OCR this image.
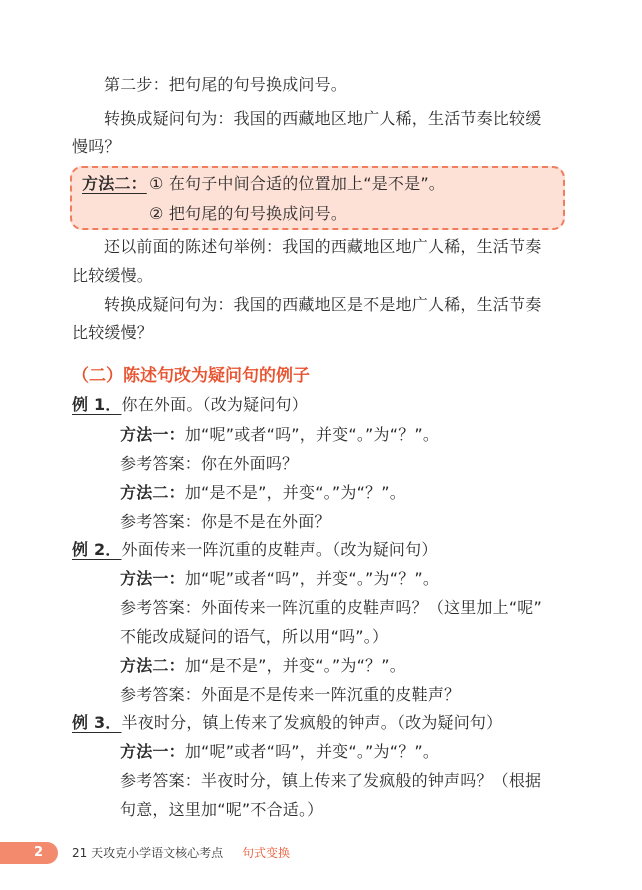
第二步：把句尾的句号换成问号。
转换成疑问句为：我国的西藏地区地广人稀，生活节奏比较缓
慢吗？
方法二： ① 在句子中间合适的位置加上“是不是”。
② 把句尾的句号换成问号。
还以前面的陈述句举例：我国的西藏地区地广人稀，生活节奏
比较缓慢。
转换成疑问句为：我国的西藏地区是不是地广人稀，生活节奏
比较缓慢？
（二）陈述句改为疑问句的例子
例 1．你在外面。（改为疑问句）
方法一：加“呢”或者“吗”，并变“。”为“？”。
参考答案：你在外面吗？
方法二：加“是不是”，并变“。”为“？”。
参考答案：你是不是在外面？
例 2．外面传来一阵沉重的皮鞋声。（改为疑问句）
方法一：加“呢”或者“吗”，并变“。”为“？”。
参考答案：外面传来一阵沉重的皮鞋声吗？（这里加上“呢”
不能改成疑问的语气，所以用“吗”。）
方法二：加“是不是”，并变“。”为“？”。
参考答案：外面是不是传来一阵沉重的皮鞋声？
例 3．半夜时分，镇上传来了发疯般的钟声。（改为疑问句）
方法一：加“呢”或者“吗”，并变“。”为“？”。
参考答案：半夜时分，镇上传来了发疯般的钟声吗？（根据
句意，这里加“呢”不合适。）
2 21 天攻克小学语文核心考点 句式变换
